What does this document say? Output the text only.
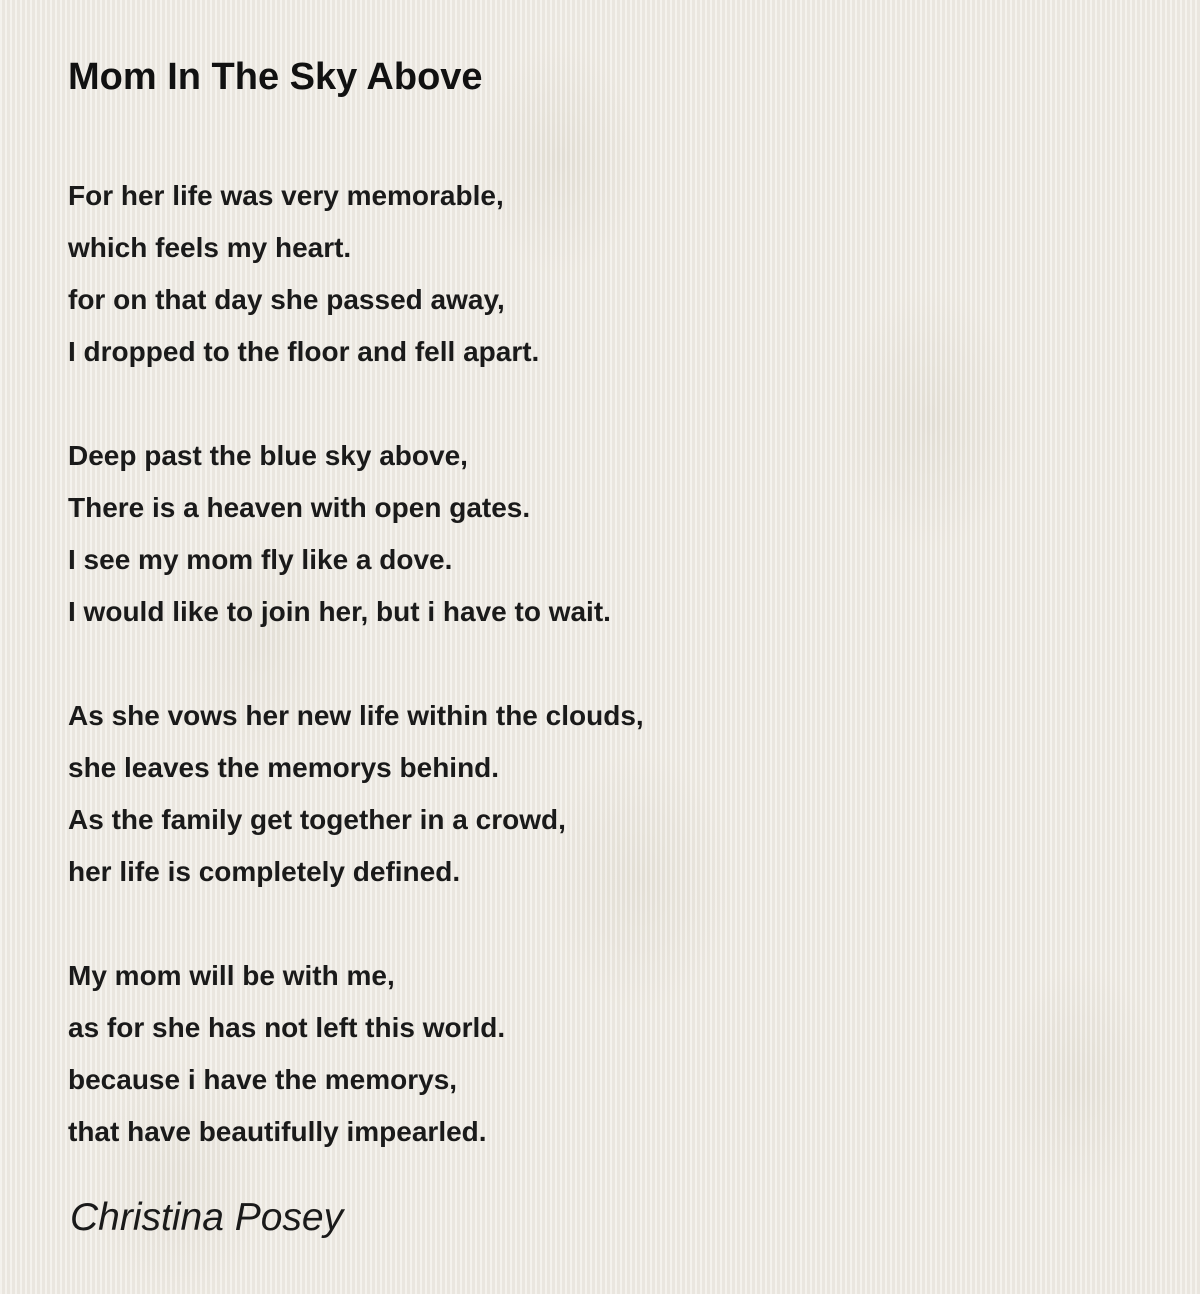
Mom In The Sky Above
For her life was very memorable,
which feels my heart.
for on that day she passed away,
I dropped to the floor and fell apart.
Deep past the blue sky above,
There is a heaven with open gates.
I see my mom fly like a dove.
I would like to join her, but i have to wait.
As she vows her new life within the clouds,
she leaves the memorys behind.
As the family get together in a crowd,
her life is completely defined.
My mom will be with me,
as for she has not left this world.
because i have the memorys,
that have beautifully impearled.
Christina Posey
